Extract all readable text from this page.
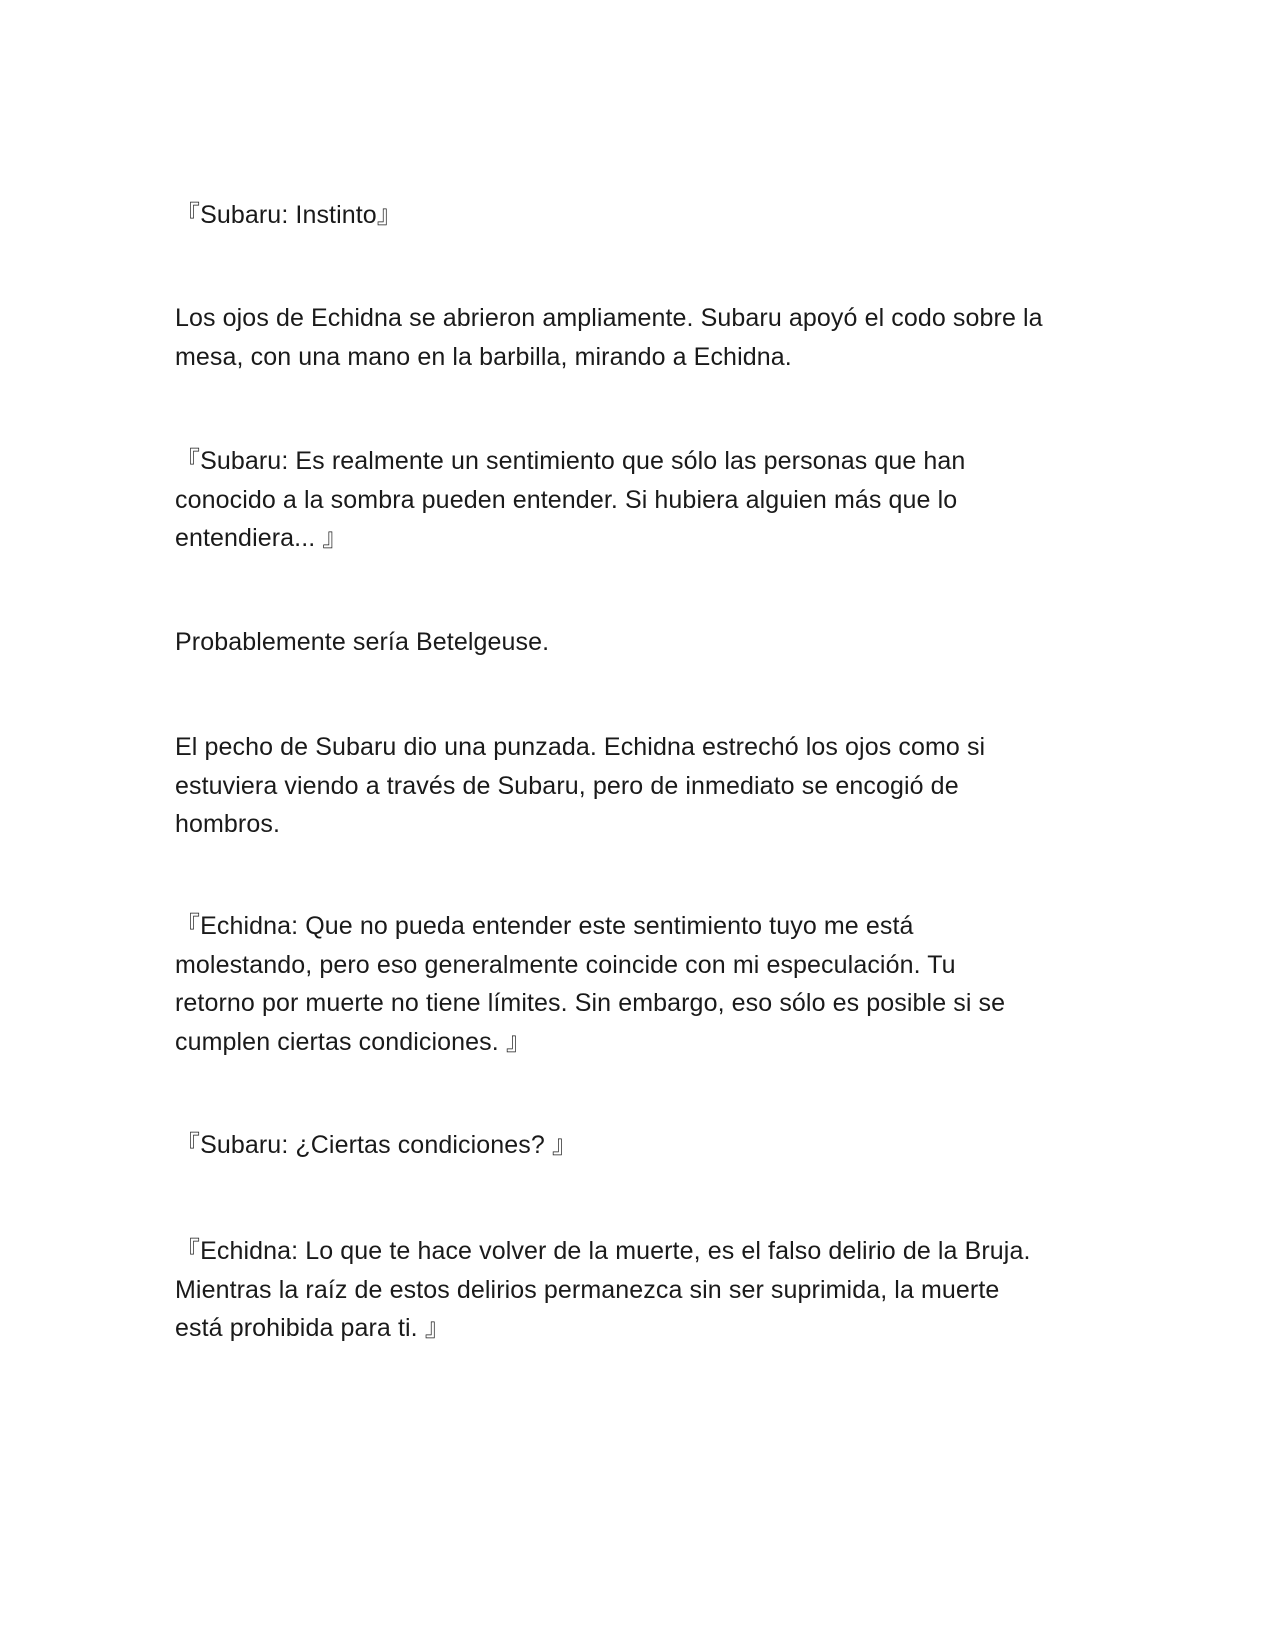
『Subaru: Instinto』

Los ojos de Echidna se abrieron ampliamente. Subaru apoyó el codo sobre la
mesa, con una mano en la barbilla, mirando a Echidna.

『Subaru: Es realmente un sentimiento que sólo las personas que han
conocido a la sombra pueden entender. Si hubiera alguien más que lo
entendiera... 』

Probablemente sería Betelgeuse.

El pecho de Subaru dio una punzada. Echidna estrechó los ojos como si
estuviera viendo a través de Subaru, pero de inmediato se encogió de
hombros.

『Echidna: Que no pueda entender este sentimiento tuyo me está
molestando, pero eso generalmente coincide con mi especulación. Tu
retorno por muerte no tiene límites. Sin embargo, eso sólo es posible si se
cumplen ciertas condiciones. 』

『Subaru: ¿Ciertas condiciones? 』

『Echidna: Lo que te hace volver de la muerte, es el falso delirio de la Bruja.
Mientras la raíz de estos delirios permanezca sin ser suprimida, la muerte
está prohibida para ti. 』
